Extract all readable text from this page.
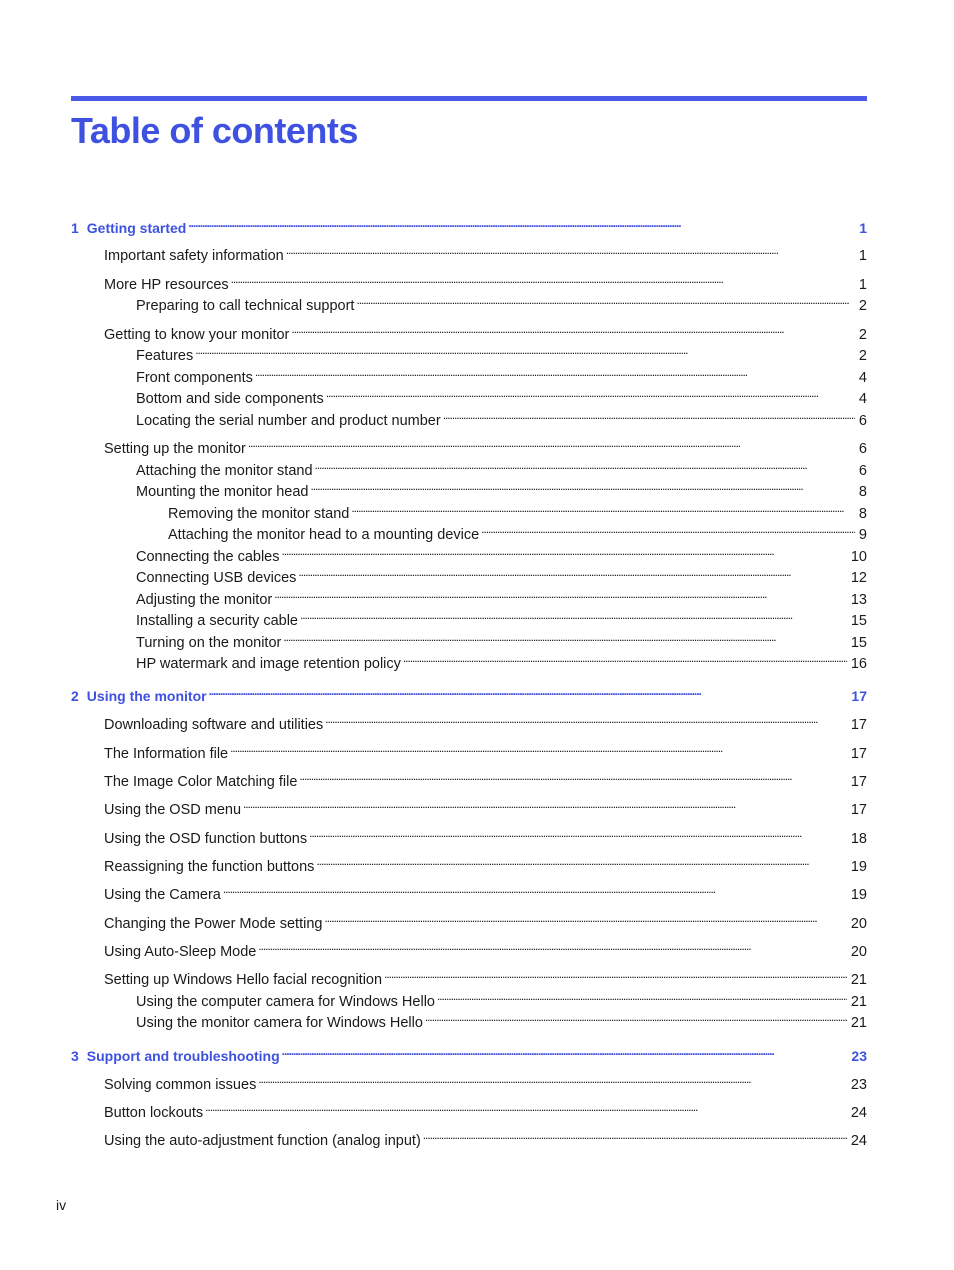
Table of contents
1 Getting started . . .	1
Important safety information . . .	1
More HP resources . . .	1
Preparing to call technical support . . .	2
Getting to know your monitor . . .	2
Features . . .	2
Front components . . .	4
Bottom and side components . . .	4
Locating the serial number and product number . . .	6
Setting up the monitor . . .	6
Attaching the monitor stand . . .	6
Mounting the monitor head . . .	8
Removing the monitor stand . . .	8
Attaching the monitor head to a mounting device . . .	9
Connecting the cables . . .	10
Connecting USB devices . . .	12
Adjusting the monitor . . .	13
Installing a security cable . . .	15
Turning on the monitor . . .	15
HP watermark and image retention policy . . .	16
2 Using the monitor . . .	17
Downloading software and utilities . . .	17
The Information file . . .	17
The Image Color Matching file . . .	17
Using the OSD menu . . .	17
Using the OSD function buttons . . .	18
Reassigning the function buttons . . .	19
Using the Camera . . .	19
Changing the Power Mode setting . . .	20
Using Auto-Sleep Mode . . .	20
Setting up Windows Hello facial recognition . . .	21
Using the computer camera for Windows Hello . . .	21
Using the monitor camera for Windows Hello . . .	21
3 Support and troubleshooting . . .	23
Solving common issues . . .	23
Button lockouts . . .	24
Using the auto-adjustment function (analog input) . . .	24
iv
